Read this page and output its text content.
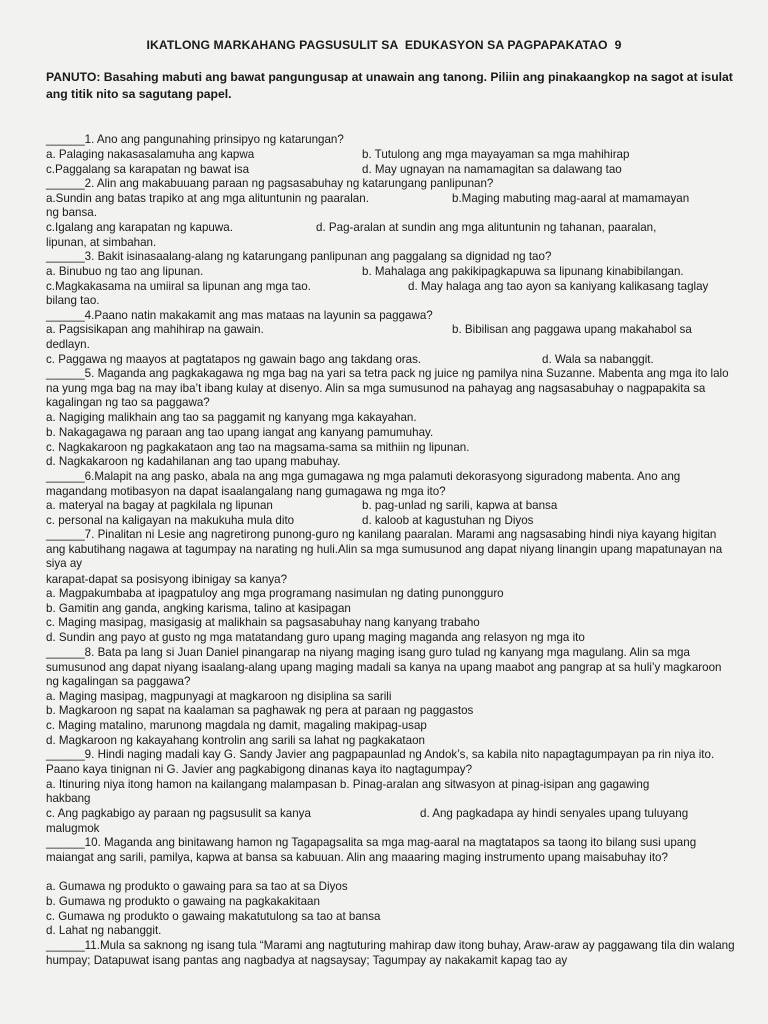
IKATLONG MARKAHANG PAGSUSULIT SA  EDUKASYON SA PAGPAPAKATAO  9
PANUTO: Basahing mabuti ang bawat pangungusap at unawain ang tanong. Piliin ang pinakaangkop na sagot at isulat ang titik nito sa sagutang papel.
______1. Ano ang pangunahing prinsipyo ng katarungan?
a. Palaging nakasasalamuha ang kapwa	b. Tutulong ang mga mayayaman sa mga mahihirap
c.Paggalang sa karapatan ng bawat isa	d. May ugnayan na namamagitan sa dalawang tao
______2. Alin ang makabuuang paraan ng pagsasabuhay ng katarungang panlipunan?
a.Sundin ang batas trapiko at ang mga alituntunin ng paaralan.	b.Maging mabuting mag-aaral at mamamayan
ng bansa.
c.Igalang ang karapatan ng kapuwa.	d. Pag-aralan at sundin ang mga alituntunin ng tahanan, paaralan,
lipunan, at simbahan.
______3. Bakit isinasaalang-alang ng katarungang panlipunan ang paggalang sa dignidad ng tao?
a. Binubuo ng tao ang lipunan.	b. Mahalaga ang pakikipagkapuwa sa lipunang kinabibilangan.
c.Magkakasama na umiiral sa lipunan ang mga tao.	d. May halaga ang tao ayon sa kaniyang kalikasang taglay
bilang tao.
______4.Paano natin makakamit ang mas mataas na layunin sa paggawa?
a. Pagsisikapan ang mahihirap na gawain.	b. Bibilisan ang paggawa upang makahabol sa
dedlayn.
c. Paggawa ng maayos at pagtatapos ng gawain bago ang takdang oras.	d. Wala sa nabanggit.
______5. Maganda ang pagkakagawa ng mga bag na yari sa tetra pack ng juice ng pamilya nina Suzanne. Mabenta ang mga ito lalo na yung mga bag na may iba’t ibang kulay at disenyo. Alin sa mga sumusunod na pahayag ang nagsasabuhay o nagpapakita sa kagalingan ng tao sa paggawa?
a. Nagiging malikhain ang tao sa paggamit ng kanyang mga kakayahan.
b. Nakagagawa ng paraan ang tao upang iangat ang kanyang pamumuhay.
c. Nagkakaroon ng pagkakataon ang tao na magsama-sama sa mithiin ng lipunan.
d. Nagkakaroon ng kadahilanan ang tao upang mabuhay.
______6.Malapit na ang pasko, abala na ang mga gumagawa ng mga palamuti dekorasyong siguradong mabenta. Ano ang magandang motibasyon na dapat isaalangalang nang gumagawa ng mga ito?
a. materyal na bagay at pagkilala ng lipunan	b. pag-unlad ng sarili, kapwa at bansa
c. personal na kaligayan na makukuha mula dito	d. kaloob at kagustuhan ng Diyos
______7. Pinalitan ni Lesie ang nagretirong punong-guro ng kanilang paaralan. Marami ang nagsasabing hindi niya kayang higitan ang kabutihang nagawa at tagumpay na narating ng huli.Alin sa mga sumusunod ang dapat niyang linangin upang mapatunayan na siya ay
karapat-dapat sa posisyong ibinigay sa kanya?
a. Magpakumbaba at ipagpatuloy ang mga programang nasimulan ng dating punongguro
b. Gamitin ang ganda, angking karisma, talino at kasipagan
c. Maging masipag, masigasig at malikhain sa pagsasabuhay nang kanyang trabaho
d. Sundin ang payo at gusto ng mga matatandang guro upang maging maganda ang relasyon ng mga ito
______8. Bata pa lang si Juan Daniel pinangarap na niyang maging isang guro tulad ng kanyang mga magulang. Alin sa mga sumusunod ang dapat niyang isaalang-alang upang maging madali sa kanya na upang maabot ang pangrap at sa huli’y magkaroon ng kagalingan sa paggawa?
a. Maging masipag, magpunyagi at magkaroon ng disiplina sa sarili
b. Magkaroon ng sapat na kaalaman sa paghawak ng pera at paraan ng paggastos
c. Maging matalino, marunong magdala ng damit, magaling makipag-usap
d. Magkaroon ng kakayahang kontrolin ang sarili sa lahat ng pagkakataon
______9. Hindi naging madali kay G. Sandy Javier ang pagpapaunlad ng Andok’s, sa kabila nito napagtagumpayan pa rin niya ito. Paano kaya tinignan ni G. Javier ang pagkabigong dinanas kaya ito nagtagumpay?
a. Itinuring niya itong hamon na kailangang malampasan b. Pinag-aralan ang sitwasyon at pinag-isipan ang gagawing
hakbang
c. Ang pagkabigo ay paraan ng pagsusulit sa kanya	d. Ang pagkadapa ay hindi senyales upang tuluyang
malugmok
______10. Maganda ang binitawang hamon ng Tagapagsalita sa mga mag-aaral na magtatapos sa taong ito bilang susi upang maiangat ang sarili, pamilya, kapwa at bansa sa kabuuan. Alin ang maaaring maging instrumento upang maisabuhay ito?
a. Gumawa ng produkto o gawaing para sa tao at sa Diyos
b. Gumawa ng produkto o gawaing na pagkakakitaan
c. Gumawa ng produkto o gawaing makatutulong sa tao at bansa
d. Lahat ng nabanggit.
______11.Mula sa saknong ng isang tula “Marami ang nagtuturing mahirap daw itong buhay, Araw-araw ay paggawang tila din walang humpay; Datapuwat isang pantas ang nagbadya at nagsaysay; Tagumpay ay nakakamit kapag tao ay
